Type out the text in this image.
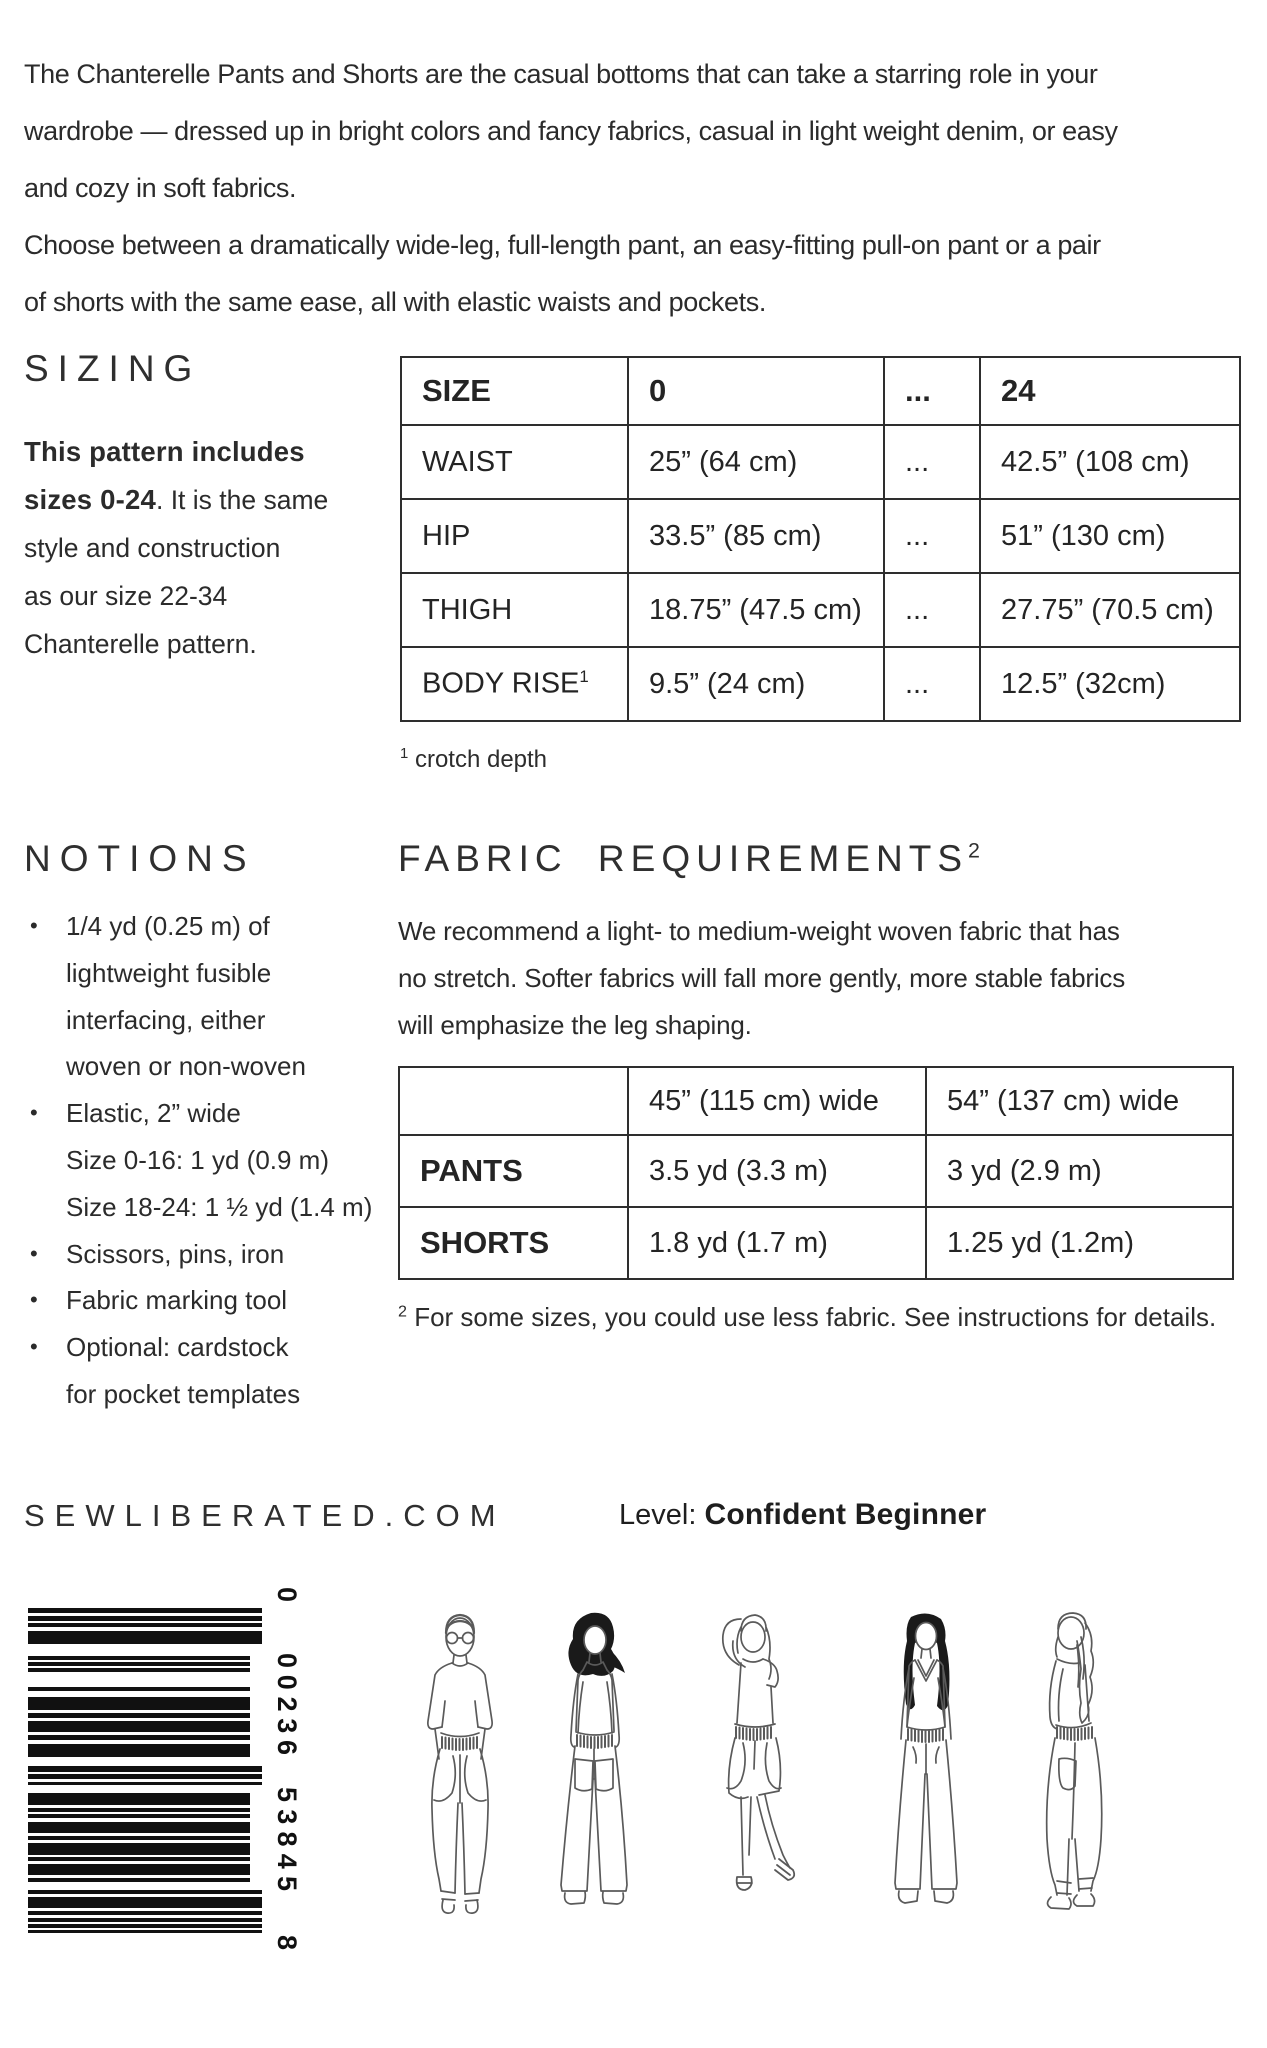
The Chanterelle Pants and Shorts are the casual bottoms that can take a starring role in your
wardrobe — dressed up in bright colors and fancy fabrics, casual in light weight denim, or easy
and cozy in soft fabrics.
Choose between a dramatically wide-leg, full-length pant, an easy-fitting pull-on pant or a pair
of shorts with the same ease, all with elastic waists and pockets.
SIZING
This pattern includes
sizes 0-24. It is the same
style and construction
as our size 22-34
Chanterelle pattern.
SIZE	0	...	24
WAIST	25” (64 cm)	...	42.5” (108 cm)
HIP	33.5” (85 cm)	...	51” (130 cm)
THIGH	18.75” (47.5 cm)	...	27.75” (70.5 cm)
BODY RISE$^1$	9.5” (24 cm)	...	12.5” (32cm)
$^1$ crotch depth
NOTIONS
• 1/4 yd (0.25 m) of
lightweight fusible
interfacing, either
woven or non-woven
• Elastic, 2” wide
Size 0-16: 1 yd (0.9 m)
Size 18-24: 1 ½ yd (1.4 m)
• Scissors, pins, iron
• Fabric marking tool
• Optional: cardstock
for pocket templates
FABRIC REQUIREMENTS$^2$
We recommend a light- to medium-weight woven fabric that has
no stretch. Softer fabrics will fall more gently, more stable fabrics
will emphasize the leg shaping.
	45” (115 cm) wide	54” (137 cm) wide
PANTS	3.5 yd (3.3 m)	3 yd (2.9 m)
SHORTS	1.8 yd (1.7 m)	1.25 yd (1.2m)
$^2$ For some sizes, you could use less fabric. See instructions for details.
SEWLIBERATED.COM	Level: Confident Beginner
0
00236
53845
8
